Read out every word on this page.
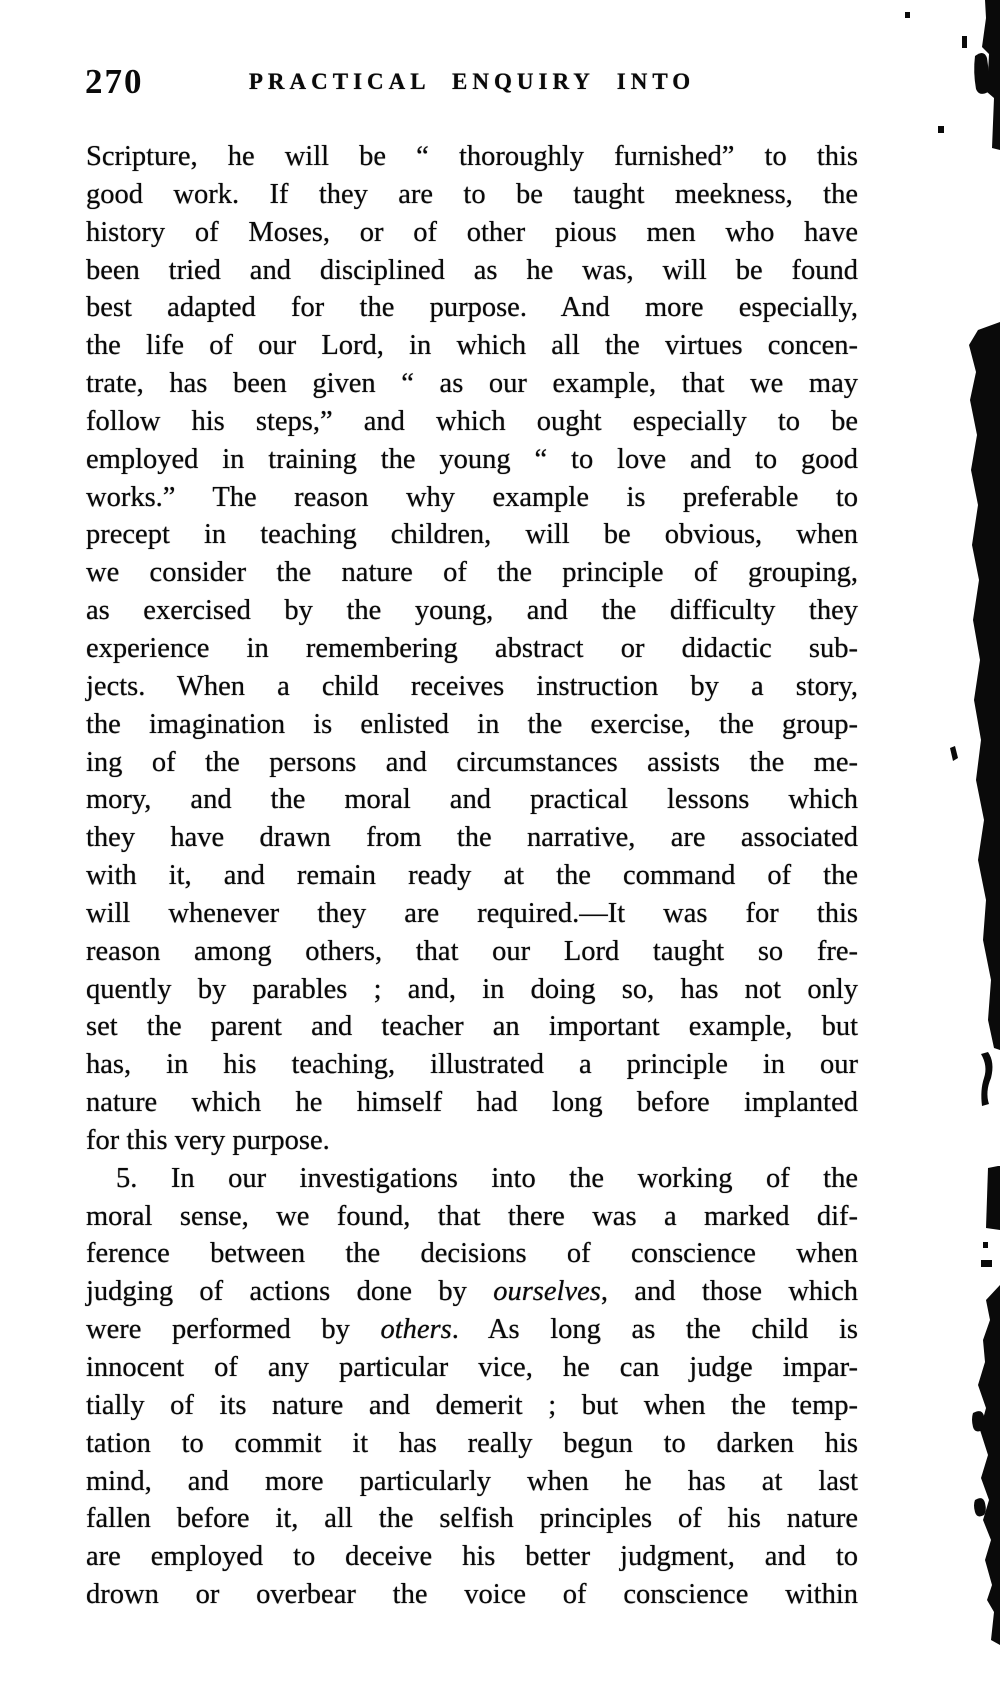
270	PRACTICAL ENQUIRY INTO
Scripture, he will be “ thoroughly furnished” to this
good work. If they are to be taught meekness, the
history of Moses, or of other pious men who have
been tried and disciplined as he was, will be found
best adapted for the purpose. And more especially,
the life of our Lord, in which all the virtues concen-
trate, has been given “ as our example, that we may
follow his steps,” and which ought especially to be
employed in training the young “ to love and to good
works.” The reason why example is preferable to
precept in teaching children, will be obvious, when
we consider the nature of the principle of grouping,
as exercised by the young, and the difficulty they
experience in remembering abstract or didactic sub-
jects. When a child receives instruction by a story,
the imagination is enlisted in the exercise, the group-
ing of the persons and circumstances assists the me-
mory, and the moral and practical lessons which
they have drawn from the narrative, are associated
with it, and remain ready at the command of the
will whenever they are required.—It was for this
reason among others, that our Lord taught so fre-
quently by parables ; and, in doing so, has not only
set the parent and teacher an important example, but
has, in his teaching, illustrated a principle in our
nature which he himself had long before implanted
for this very purpose.
5. In our investigations into the working of the
moral sense, we found, that there was a marked dif-
ference between the decisions of conscience when
judging of actions done by ourselves, and those which
were performed by others. As long as the child is
innocent of any particular vice, he can judge impar-
tially of its nature and demerit ; but when the temp-
tation to commit it has really begun to darken his
mind, and more particularly when he has at last
fallen before it, all the selfish principles of his nature
are employed to deceive his better judgment, and to
drown or overbear the voice of conscience within
